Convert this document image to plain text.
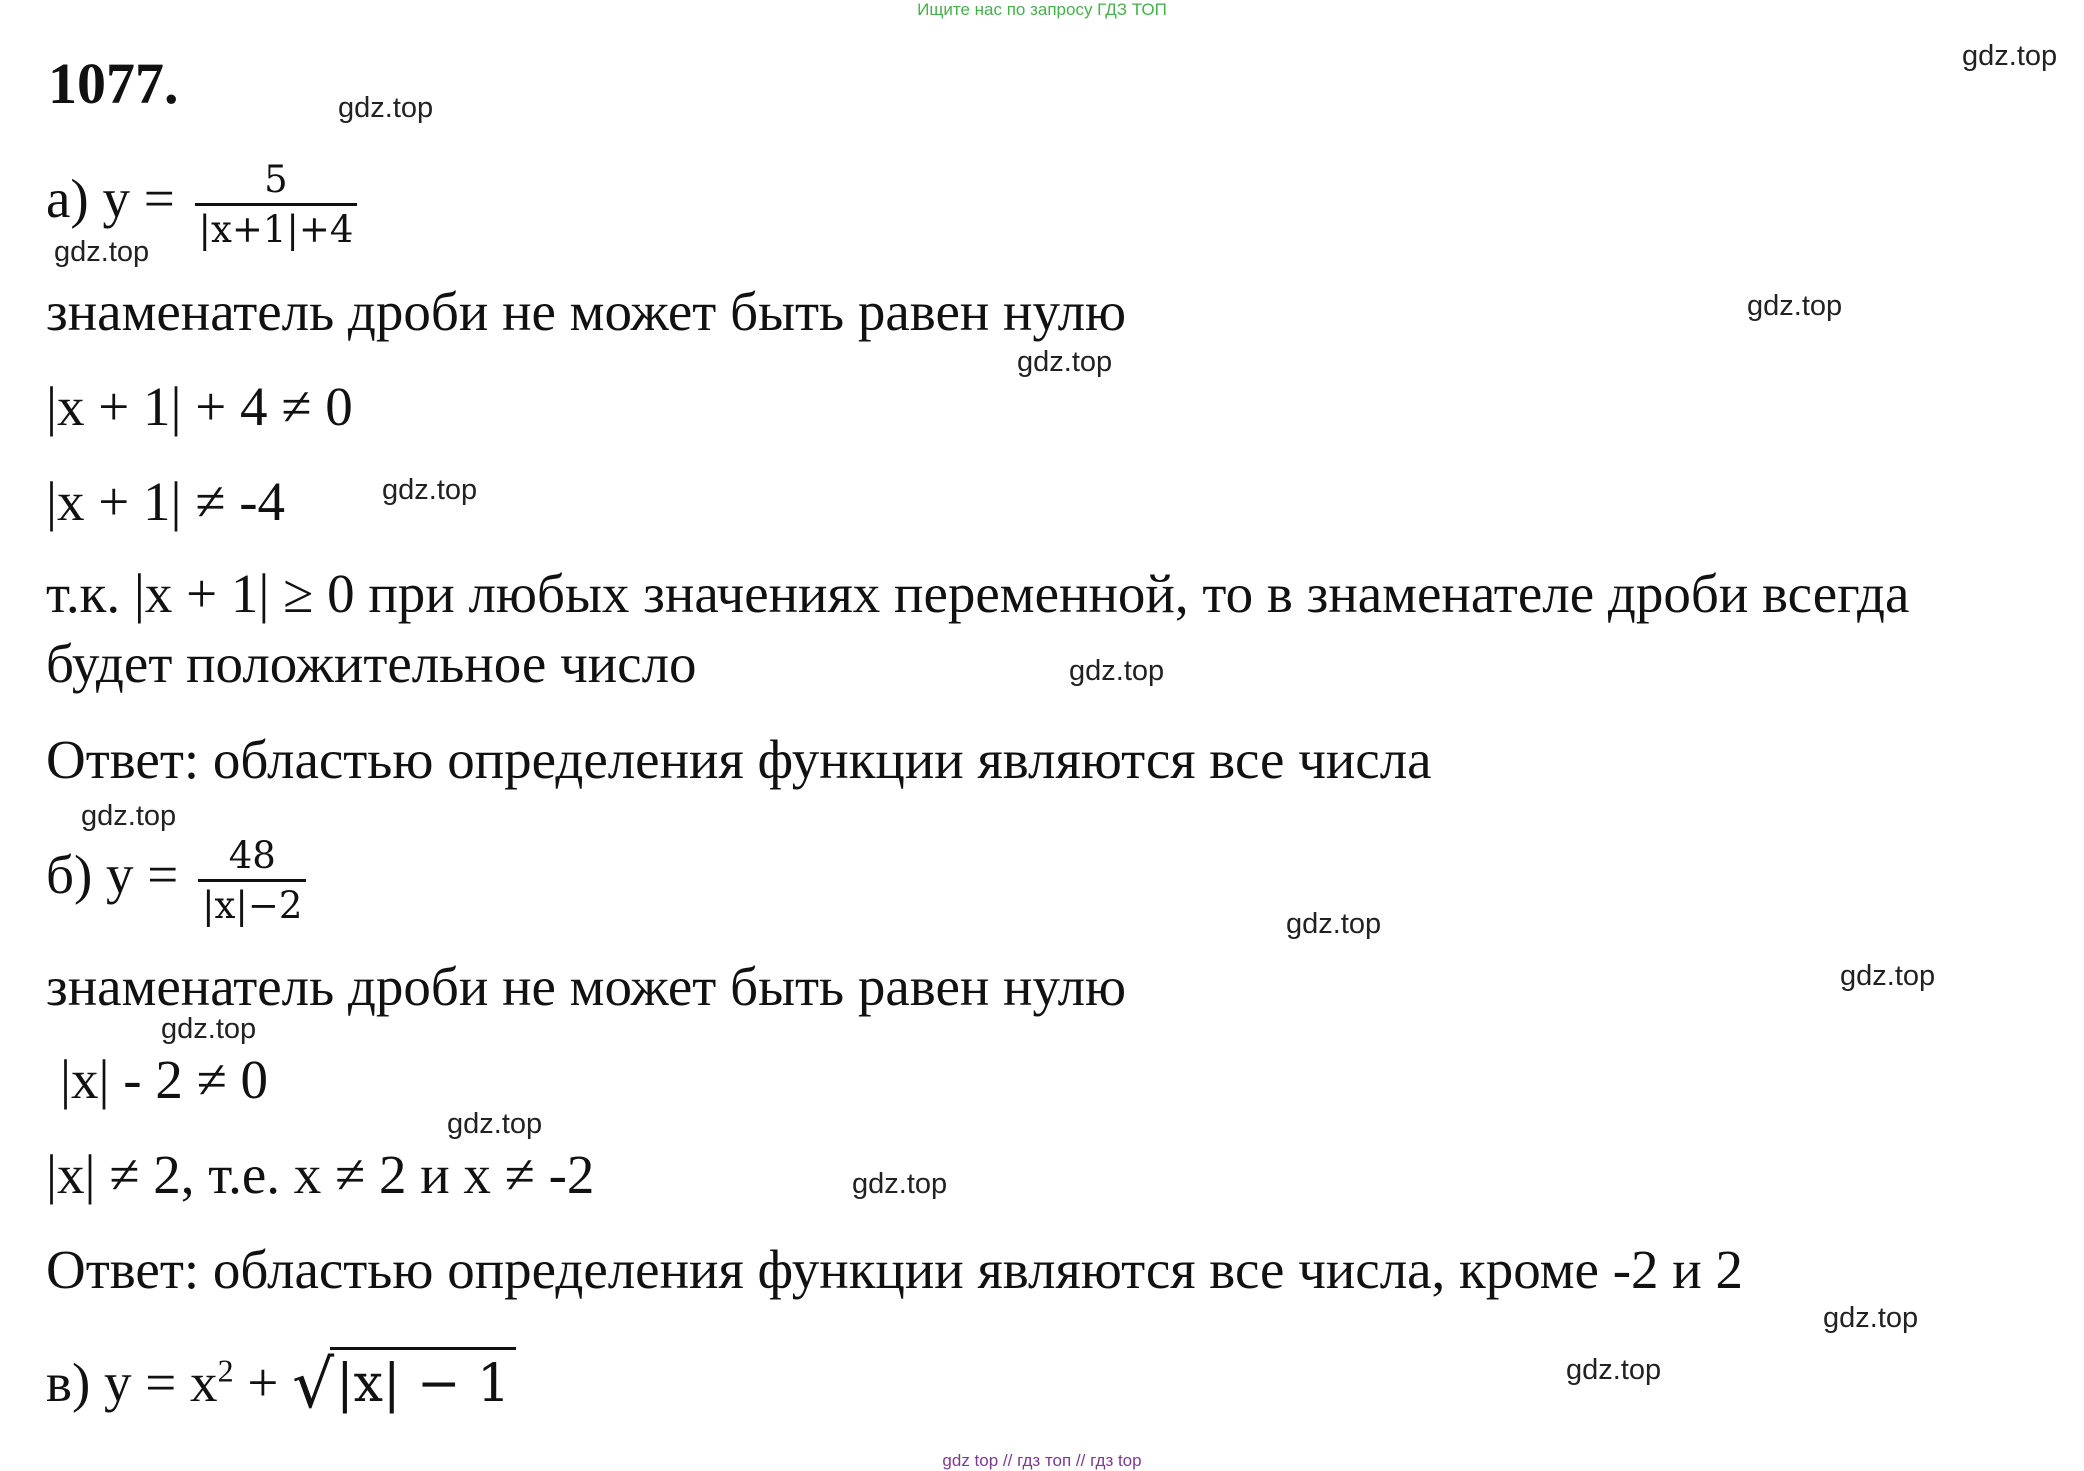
Ищите нас по запросу ГДЗ ТОП
1077.
а) $y = \frac{5}{|x+1|+4}$
знаменатель дроби не может быть равен нулю
|x + 1| + 4 ≠ 0
|x + 1| ≠ -4
т.к. |x + 1| ≥ 0 при любых значениях переменной, то в знаменателе дроби всегда
будет положительное число
Ответ: областью определения функции являются все числа
б) $y = \frac{48}{|x|-2}$
знаменатель дроби не может быть равен нулю
|x| - 2 ≠ 0
|x| ≠ 2, т.е. x ≠ 2 и x ≠ -2
Ответ: областью определения функции являются все числа, кроме -2 и 2
в) $y = x^2 + √|x| - 1$
gdz.top
gdz.top
gdz.top
gdz.top
gdz.top
gdz.top
gdz.top
gdz.top
gdz.top
gdz.top
gdz.top
gdz.top
gdz.top
gdz.top
gdz.top
gdz top // гдз топ // гдз top
